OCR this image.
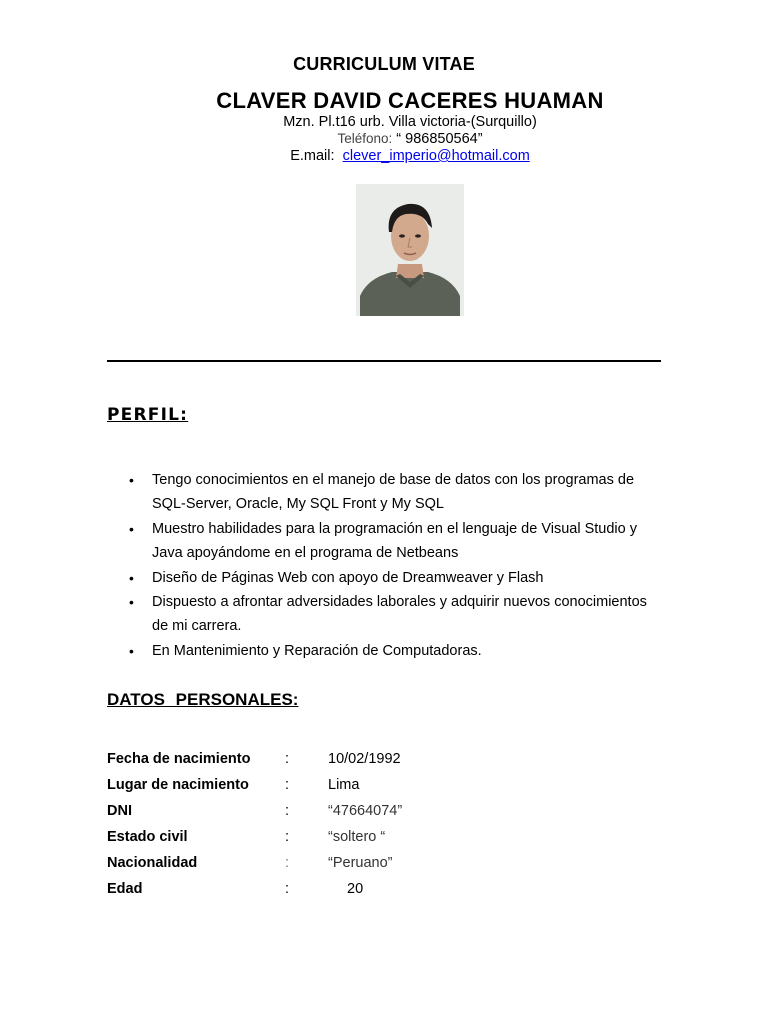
CURRICULUM VITAE
CLAVER DAVID CACERES HUAMAN
Mzn. Pl.t16 urb. Villa victoria-(Surquillo)
Teléfono: “ 986850564”
E.mail: clever_imperio@hotmail.com
PERFIL:
• Tengo conocimientos en el manejo de base de datos con los programas de SQL-Server, Oracle, My SQL Front y My SQL
• Muestro habilidades para la programación en el lenguaje de Visual Studio y Java apoyándome en el programa de Netbeans
• Diseño de Páginas Web con apoyo de Dreamweaver y Flash
• Dispuesto a afrontar adversidades laborales y adquirir nuevos conocimientos de mi carrera.
• En Mantenimiento y Reparación de Computadoras.
DATOS PERSONALES:
Fecha de nacimiento :	10/02/1992
Lugar de nacimiento :	Lima
DNI	:	“47664074”
Estado civil	:	“soltero “
Nacionalidad	:	“Peruano”
Edad	:	20
